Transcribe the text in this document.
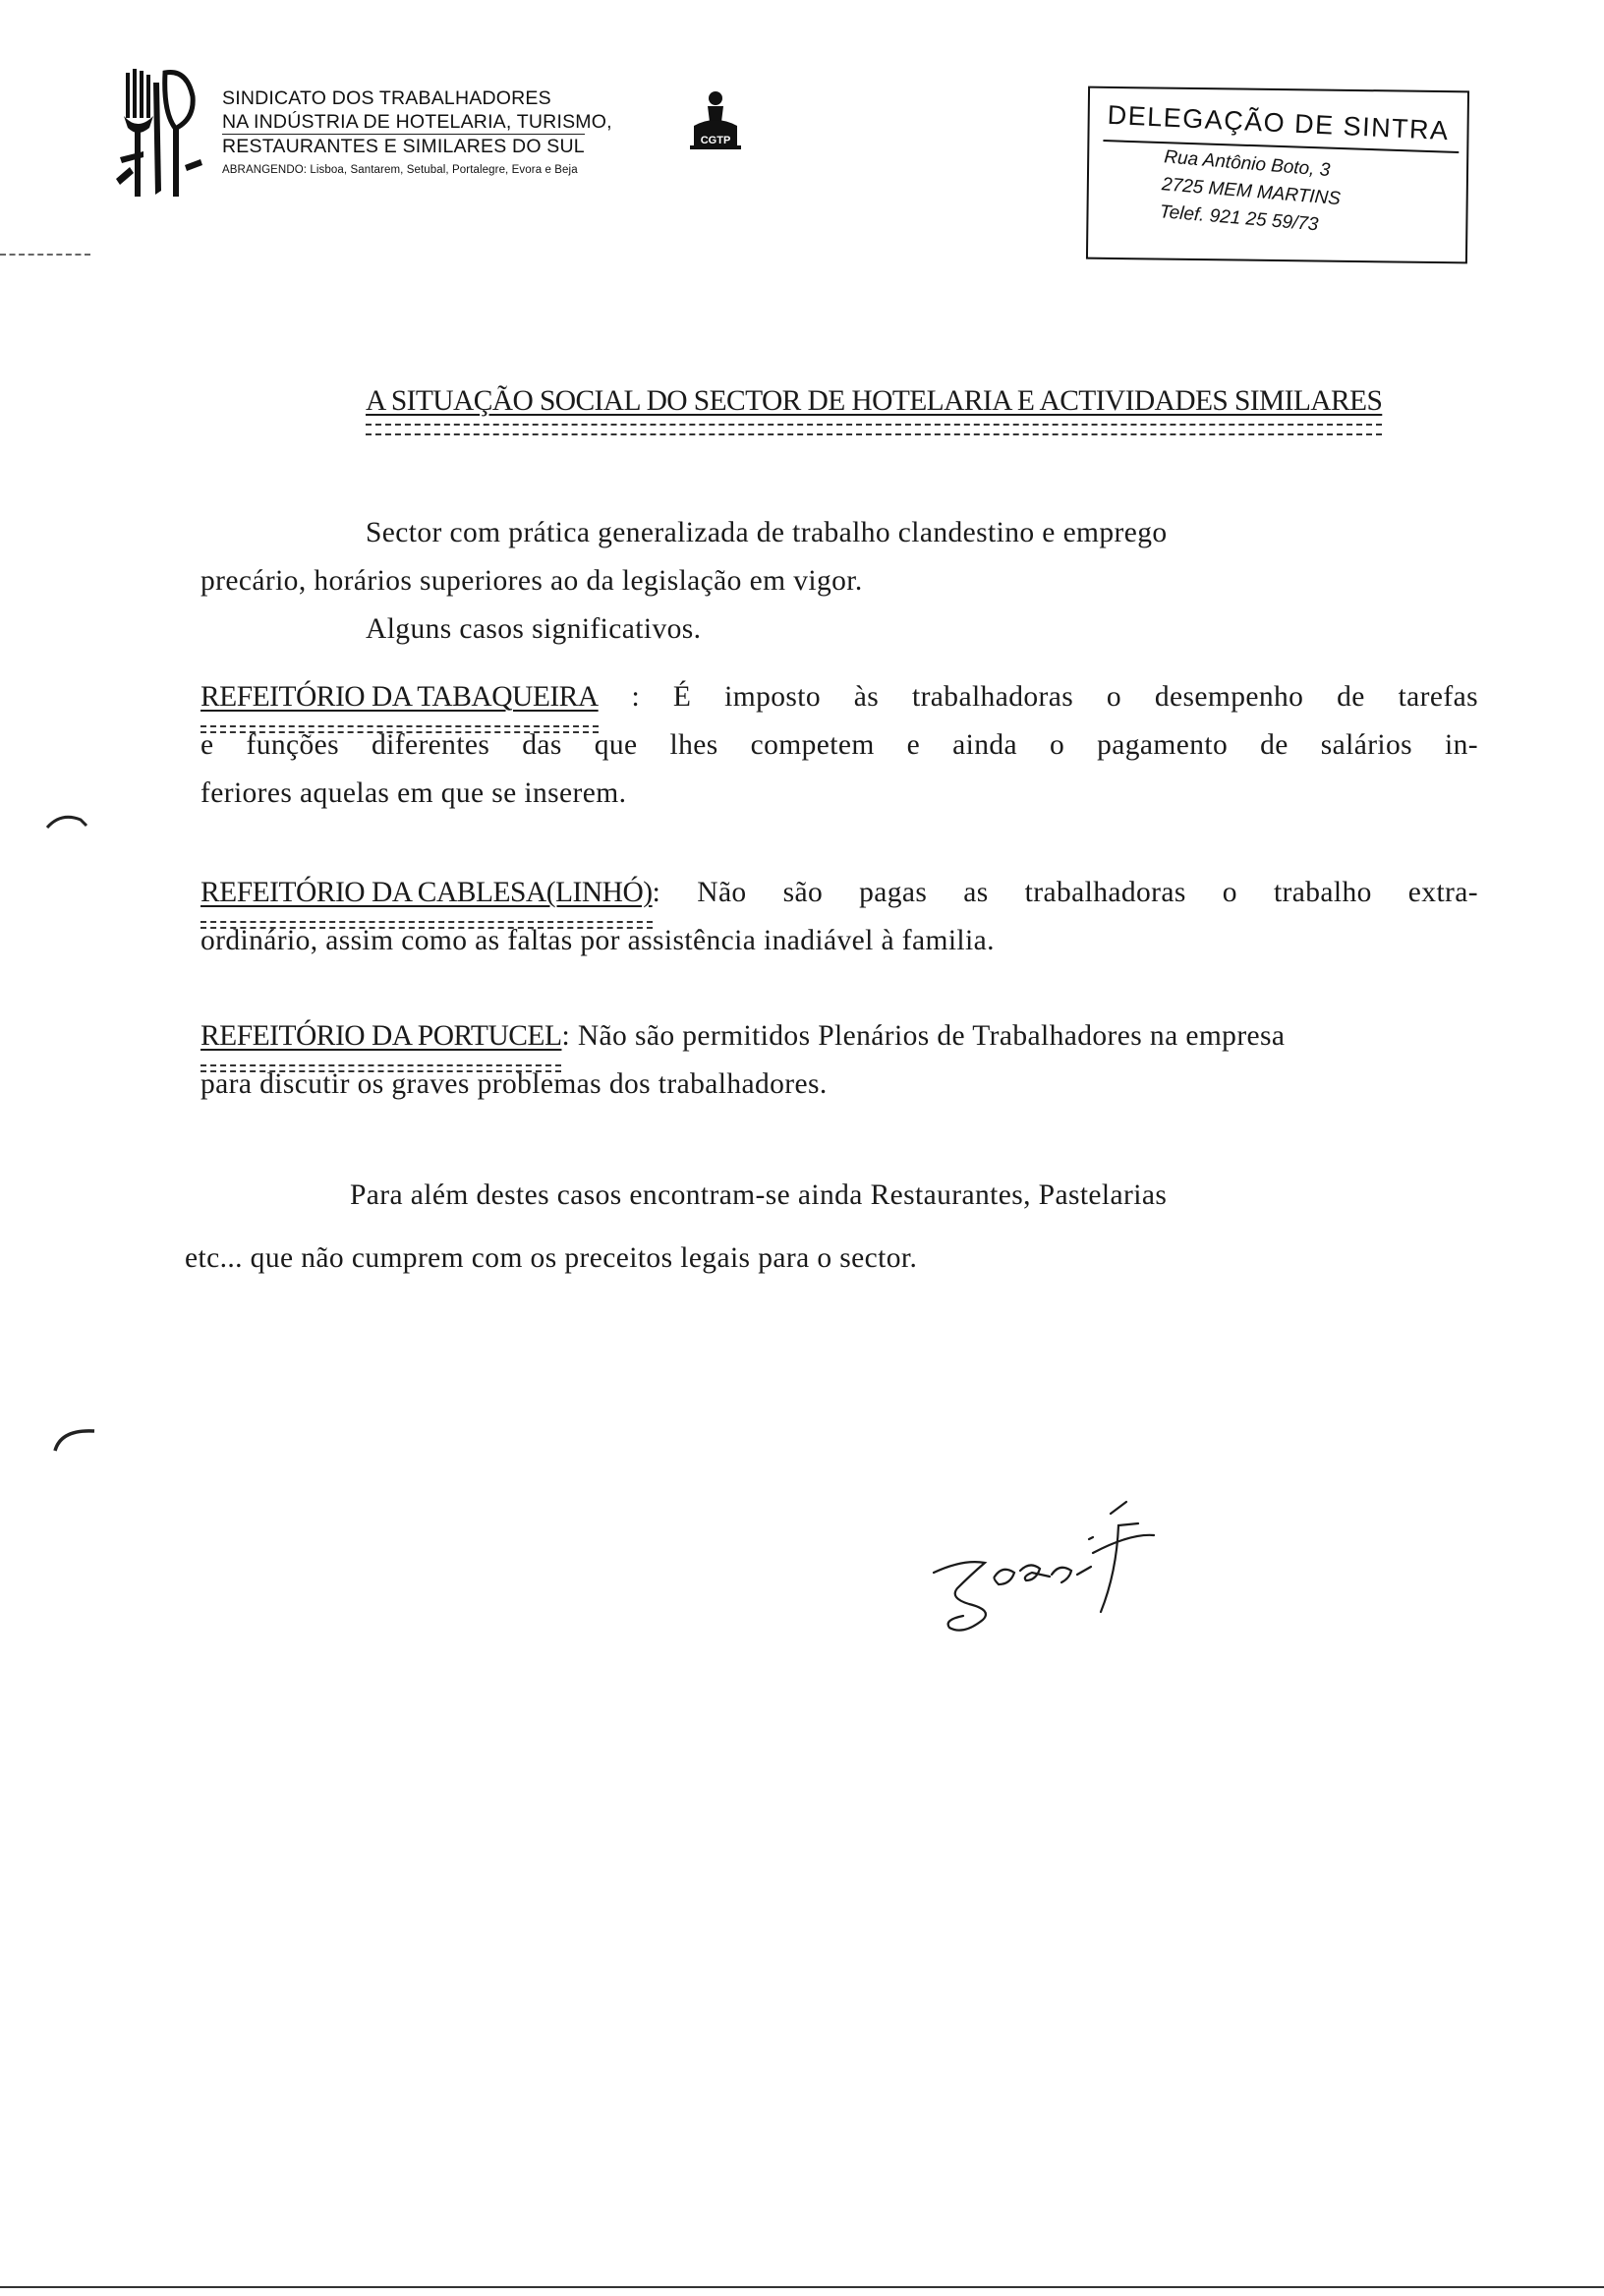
SINDICATO DOS TRABALHADORES
NA INDÚSTRIA DE HOTELARIA, TURISMO,
RESTAURANTES E SIMILARES DO SUL
ABRANGENDO: Lisboa, Santarem, Setubal, Portalegre, Evora e Beja
CGTP	DELEGAÇÃO DE SINTRA
Rua Antônio Boto, 3
2725 MEM MARTINS
Telef. 921 25 59/73
A SITUAÇÃO SOCIAL DO SECTOR DE HOTELARIA E ACTIVIDADES SIMILARES
Sector com prática generalizada de trabalho clandestino e emprego
precário, horários superiores ao da legislação em vigor.
Alguns casos significativos.
REFEITÓRIO DA TABAQUEIRA : É imposto às trabalhadoras o desempenho de tarefas
e funções diferentes das que lhes competem e ainda o pagamento de salários in-
feriores aquelas em que se inserem.
REFEITÓRIO DA CABLESA(LINHÓ): Não são pagas as trabalhadoras o trabalho extra-
ordinário, assim como as faltas por assistência inadiável à familia.
REFEITÓRIO DA PORTUCEL: Não são permitidos Plenários de Trabalhadores na empresa
para discutir os graves problemas dos trabalhadores.
Para além destes casos encontram-se ainda Restaurantes, Pastelarias
etc... que não cumprem com os preceitos legais para o sector.
